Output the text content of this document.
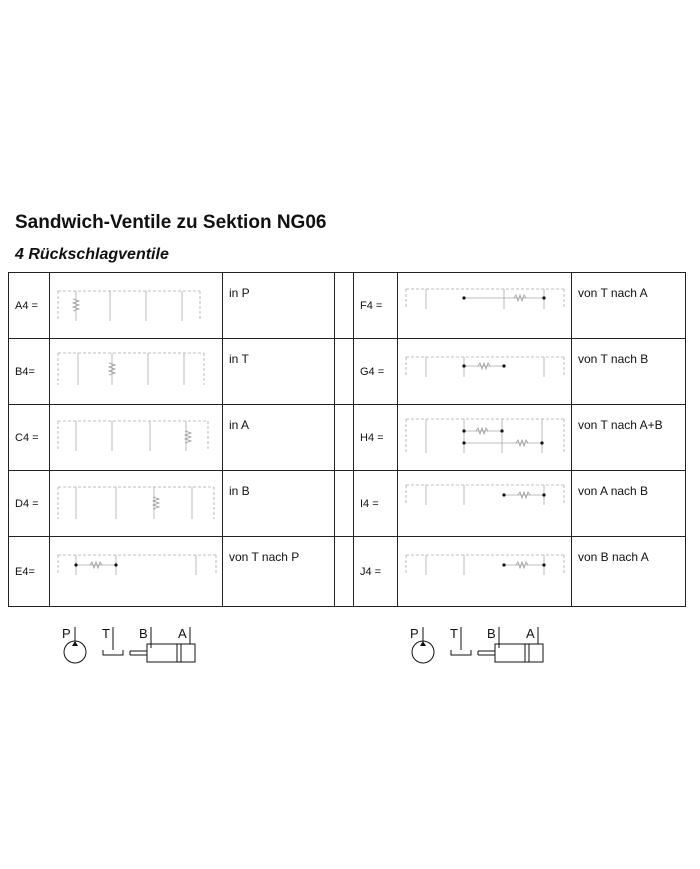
Sandwich-Ventile zu Sektion NG06
4 Rückschlagventile
A4 =		in P		F4 =		von T nach A
B4=		in T		G4 =		von T nach B
C4 =		in A		H4 =		von T nach A+B
D4 =		in B		I4 =		von A nach B
E4=		von T nach P		J4 =		von B nach A
P T B A	P T B A
